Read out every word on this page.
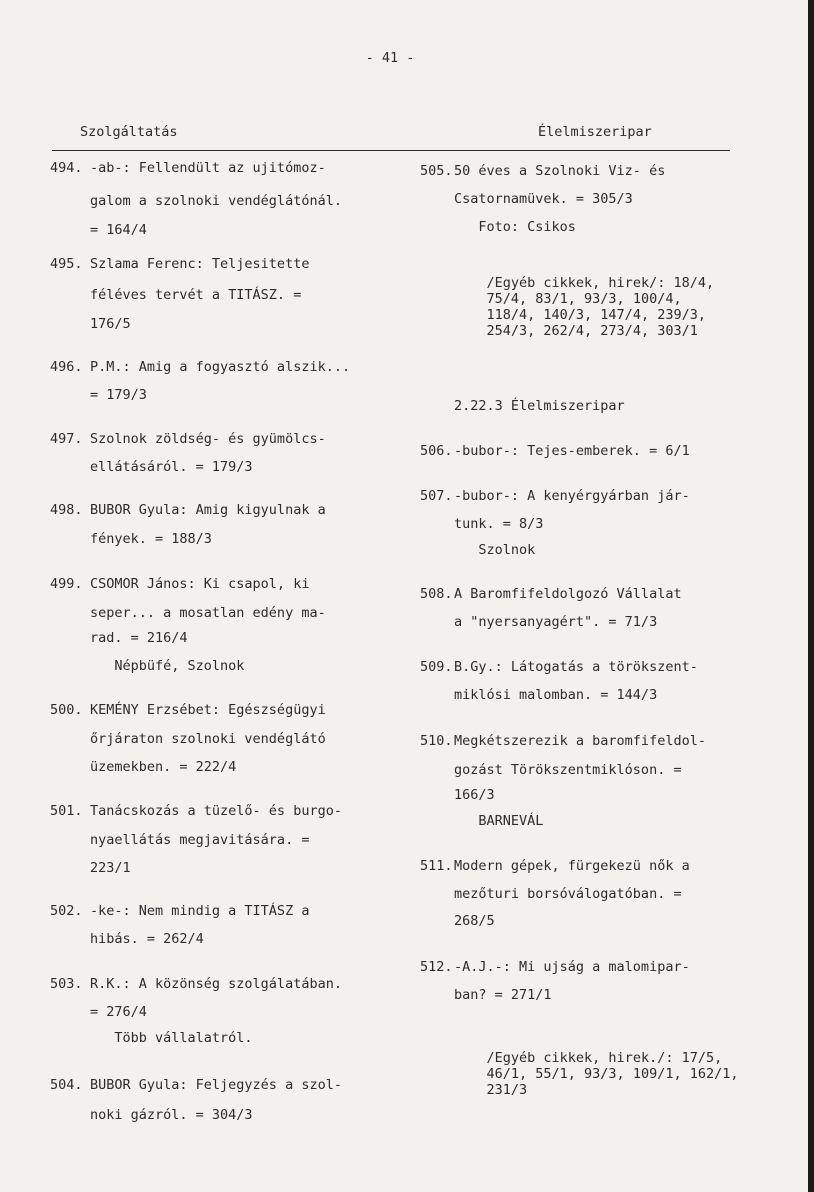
- 41 -
Szolgáltatás	Élelmiszeripar
494. -ab-: Fellendült az ujitómoz-
galom a szolnoki vendéglátónál.
= 164/4
495. Szlama Ferenc: Teljesitette
féléves tervét a TITÁSZ. =
176/5
496. P.M.: Amig a fogyasztó alszik...
= 179/3
497. Szolnok zöldség- és gyümölcs-
ellátásáról. = 179/3
498. BUBOR Gyula: Amig kigyulnak a
fények. = 188/3
499. CSOMOR János: Ki csapol, ki
seper... a mosatlan edény ma-
rad. = 216/4
Népbüfé, Szolnok
500. KEMÉNY Erzsébet: Egészségügyi
őrjáraton szolnoki vendéglátó
üzemekben. = 222/4
501. Tanácskozás a tüzelő- és burgo-
nyaellátás megjavitására. =
223/1
502. -ke-: Nem mindig a TITÁSZ a
hibás. = 262/4
503. R.K.: A közönség szolgálatában.
= 276/4
Több vállalatról.
504. BUBOR Gyula: Feljegyzés a szol-
noki gázról. = 304/3
505. 50 éves a Szolnoki Viz- és
Csatornamüvek. = 305/3
Foto: Csikos

/Egyéb cikkek, hirek/: 18/4,
75/4, 83/1, 93/3, 100/4,
118/4, 140/3, 147/4, 239/3,
254/3, 262/4, 273/4, 303/1

2.22.3 Élelmiszeripar
506. -bubor-: Tejes-emberek. = 6/1
507. -bubor-: A kenyérgyárban jár-
tunk. = 8/3
Szolnok
508. A Baromfifeldolgozó Vállalat
a "nyersanyagért". = 71/3
509. B.Gy.: Látogatás a törökszent-
miklósi malomban. = 144/3
510. Megkétszerezik a baromfifeldol-
gozást Törökszentmiklóson. =
166/3
BARNEVÁL
511. Modern gépek, fürgekezü nők a
mezőturi borsóválogatóban. =
268/5
512. -A.J.-: Mi ujság a malomipar-
ban? = 271/1

/Egyéb cikkek, hirek./: 17/5,
46/1, 55/1, 93/3, 109/1, 162/1,
231/3
